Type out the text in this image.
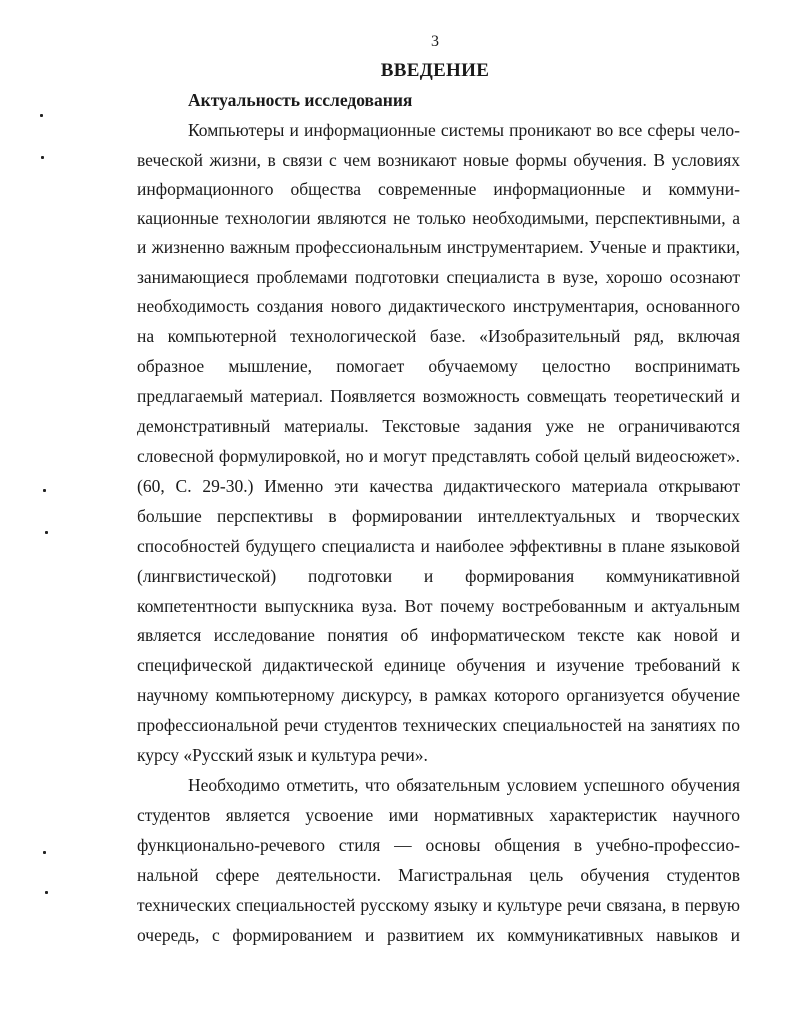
3
ВВЕДЕНИЕ
Актуальность исследования
Компьютеры и информационные системы проникают во все сферы чело-
веческой жизни, в связи с чем возникают новые формы обучения. В условиях
информационного общества современные информационные и коммуни-
кационные технологии являются не только необходимыми, перспективными, а
и жизненно важным профессиональным инструментарием. Ученые и практики,
занимающиеся проблемами подготовки специалиста в вузе, хорошо осознают
необходимость создания нового дидактического инструментария, основанного
на компьютерной технологической базе. «Изобразительный ряд, включая
образное мышление, помогает обучаемому целостно воспринимать
предлагаемый материал. Появляется возможность совмещать теоретический и
демонстративный материалы. Текстовые задания уже не ограничиваются
словесной формулировкой, но и могут представлять собой целый видеосюжет».
(60, С. 29-30.) Именно эти качества дидактического материала открывают
большие перспективы в формировании интеллектуальных и творческих
способностей будущего специалиста и наиболее эффективны в плане языковой
(лингвистической) подготовки и формирования коммуникативной
компетентности выпускника вуза. Вот почему востребованным и актуальным
является исследование понятия об информатическом тексте как новой и
специфической дидактической единице обучения и изучение требований к
научному компьютерному дискурсу, в рамках которого организуется обучение
профессиональной речи студентов технических специальностей на занятиях по
курсу «Русский язык и культура речи».
Необходимо отметить, что обязательным условием успешного обучения
студентов является усвоение ими нормативных характеристик научного
функционально-речевого стиля — основы общения в учебно-профессио-
нальной сфере деятельности. Магистральная цель обучения студентов
технических специальностей русскому языку и культуре речи связана, в первую
очередь, с формированием и развитием их коммуникативных навыков и
